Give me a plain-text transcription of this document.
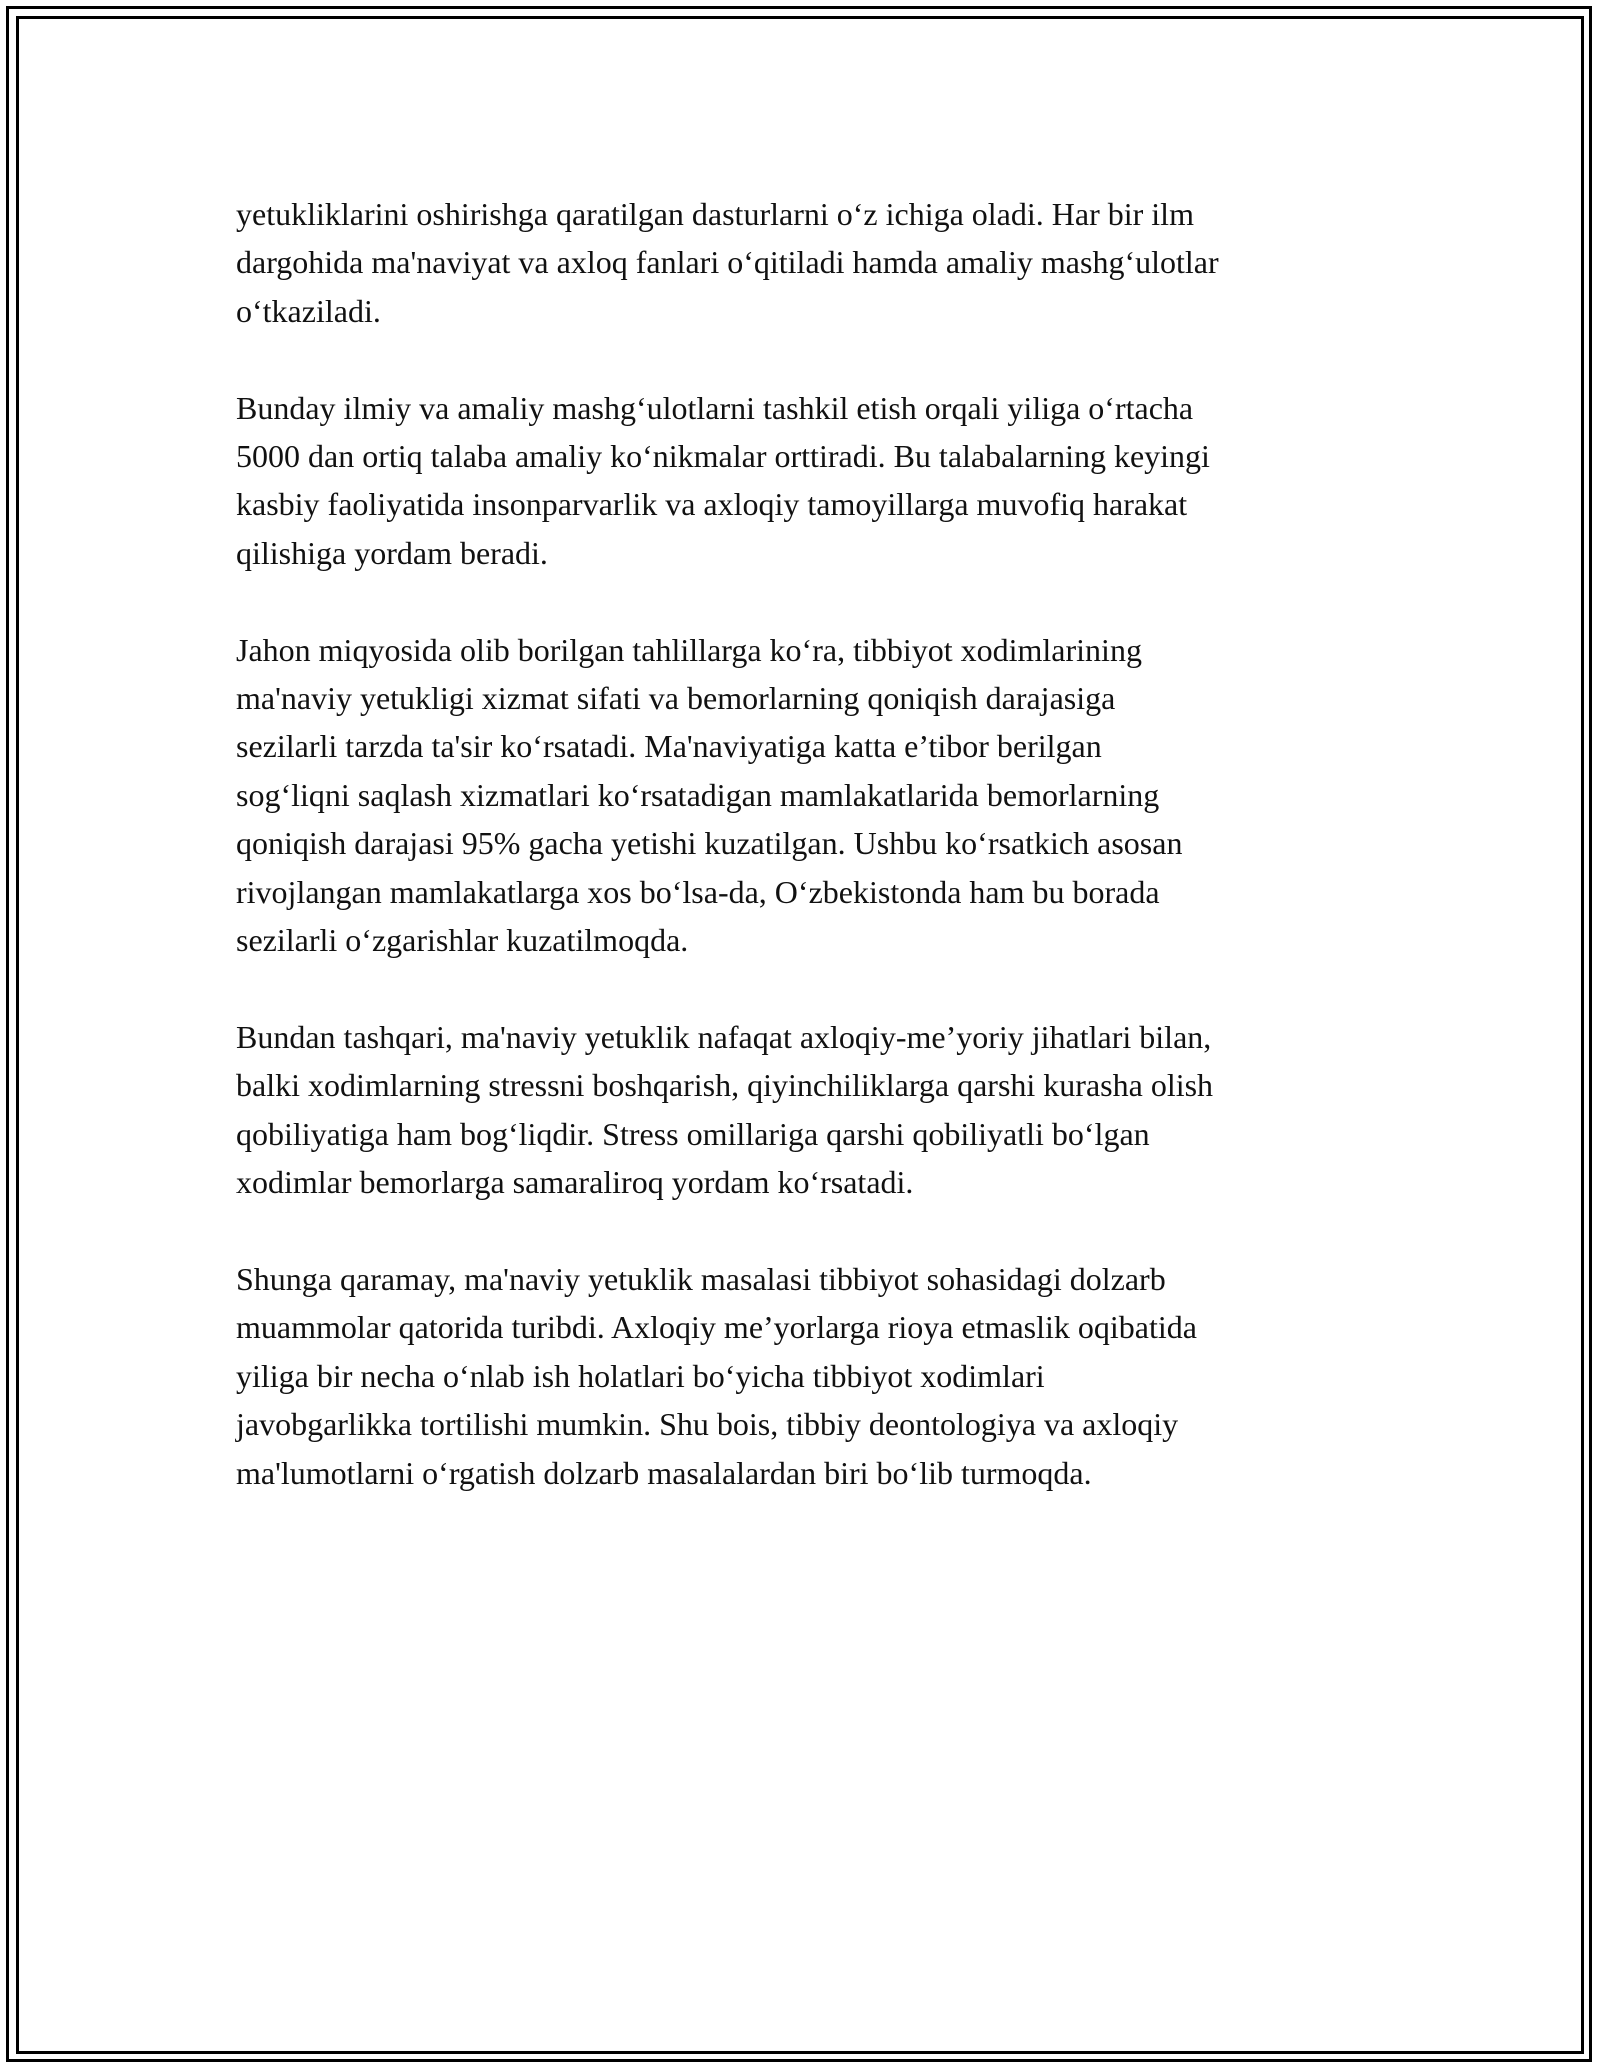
yetukliklarini oshirishga qaratilgan dasturlarni o‘z ichiga oladi. Har bir ilm
dargohida ma'naviyat va axloq fanlari o‘qitiladi hamda amaliy mashg‘ulotlar
o‘tkaziladi.

Bunday ilmiy va amaliy mashg‘ulotlarni tashkil etish orqali yiliga o‘rtacha
5000 dan ortiq talaba amaliy ko‘nikmalar orttiradi. Bu talabalarning keyingi
kasbiy faoliyatida insonparvarlik va axloqiy tamoyillarga muvofiq harakat
qilishiga yordam beradi.

Jahon miqyosida olib borilgan tahlillarga ko‘ra, tibbiyot xodimlarining
ma'naviy yetukligi xizmat sifati va bemorlarning qoniqish darajasiga
sezilarli tarzda ta'sir ko‘rsatadi. Ma'naviyatiga katta e’tibor berilgan
sog‘liqni saqlash xizmatlari ko‘rsatadigan mamlakatlarida bemorlarning
qoniqish darajasi 95% gacha yetishi kuzatilgan. Ushbu ko‘rsatkich asosan
rivojlangan mamlakatlarga xos bo‘lsa-da, O‘zbekistonda ham bu borada
sezilarli o‘zgarishlar kuzatilmoqda.

Bundan tashqari, ma'naviy yetuklik nafaqat axloqiy-me’yoriy jihatlari bilan,
balki xodimlarning stressni boshqarish, qiyinchiliklarga qarshi kurasha olish
qobiliyatiga ham bog‘liqdir. Stress omillariga qarshi qobiliyatli bo‘lgan
xodimlar bemorlarga samaraliroq yordam ko‘rsatadi.

Shunga qaramay, ma'naviy yetuklik masalasi tibbiyot sohasidagi dolzarb
muammolar qatorida turibdi. Axloqiy me’yorlarga rioya etmaslik oqibatida
yiliga bir necha o‘nlab ish holatlari bo‘yicha tibbiyot xodimlari
javobgarlikka tortilishi mumkin. Shu bois, tibbiy deontologiya va axloqiy
ma'lumotlarni o‘rgatish dolzarb masalalardan biri bo‘lib turmoqda.
